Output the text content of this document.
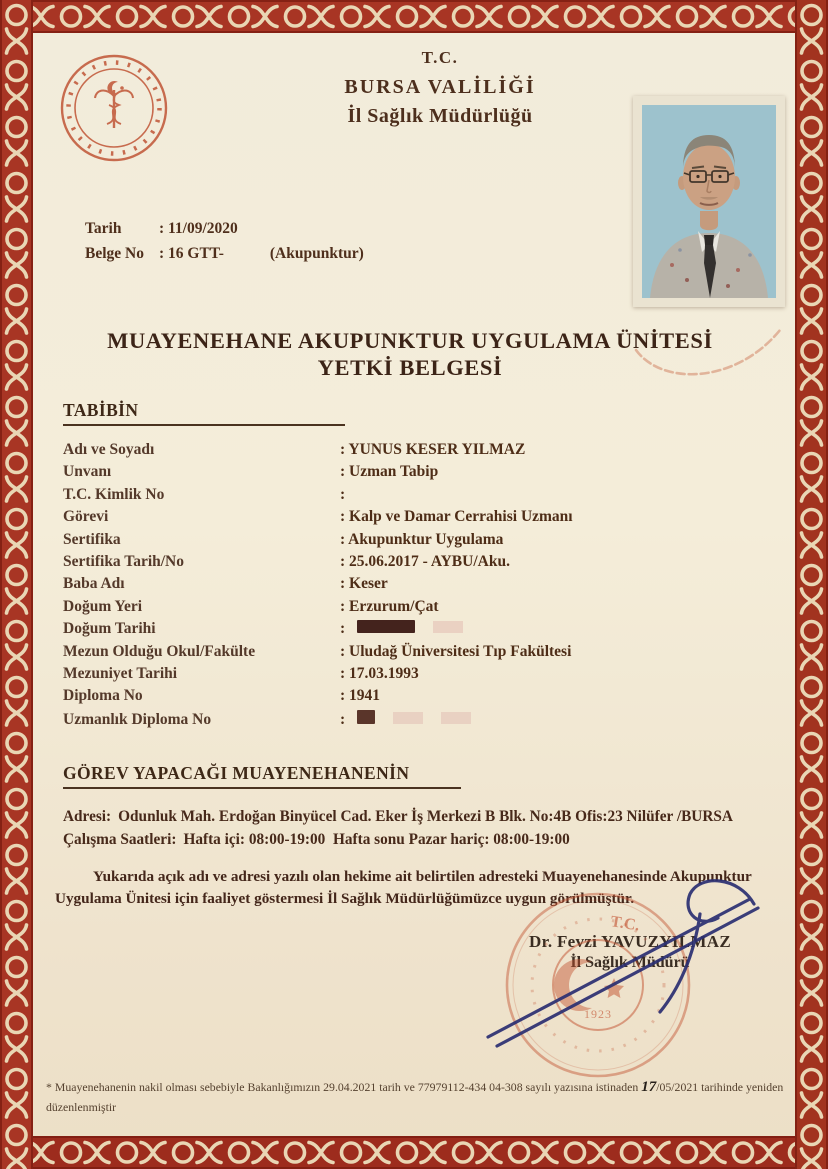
T.C.
BURSA VALİLİĞİ
İl Sağlık Müdürlüğü
Tarih : 11/09/2020
Belge No : 16 GTT-	(Akupunktur)
MUAYENEHANE AKUPUNKTUR UYGULAMA ÜNİTESİ
YETKİ BELGESİ
TABİBİN
Adı ve Soyadı	: YUNUS KESER YILMAZ
Unvanı	: Uzman Tabip
T.C. Kimlik No	:
Görevi	: Kalp ve Damar Cerrahisi Uzmanı
Sertifika	: Akupunktur Uygulama
Sertifika Tarih/No	: 25.06.2017 - AYBU/Aku.
Baba Adı	: Keser
Doğum Yeri	: Erzurum/Çat
Doğum Tarihi	:
Mezun Olduğu Okul/Fakülte	: Uludağ Üniversitesi Tıp Fakültesi
Mezuniyet Tarihi	: 17.03.1993
Diploma No	: 1941
Uzmanlık Diploma No	:
GÖREV YAPACAĞI MUAYENEHANENİN
Adresi: Odunluk Mah. Erdoğan Binyücel Cad. Eker İş Merkezi B Blk. No:4B Ofis:23 Nilüfer /BURSA
Çalışma Saatleri: Hafta içi: 08:00-19:00  Hafta sonu Pazar hariç: 08:00-19:00
Yukarıda açık adı ve adresi yazılı olan hekime ait belirtilen adresteki Muayenehanesinde Akupunktur Uygulama Ünitesi için faaliyet göstermesi İl Sağlık Müdürlüğümüzce uygun görülmüştür.
Dr. Fevzi YAVUZYILMAZ
İl Sağlık Müdürü
T.C.
1923
* Muayenehanenin nakil olması sebebiyle Bakanlığımızın 29.04.2021 tarih ve 77979112-434 04-308 sayılı yazısına istinaden 17/05/2021 tarihinde yeniden düzenlenmiştir
